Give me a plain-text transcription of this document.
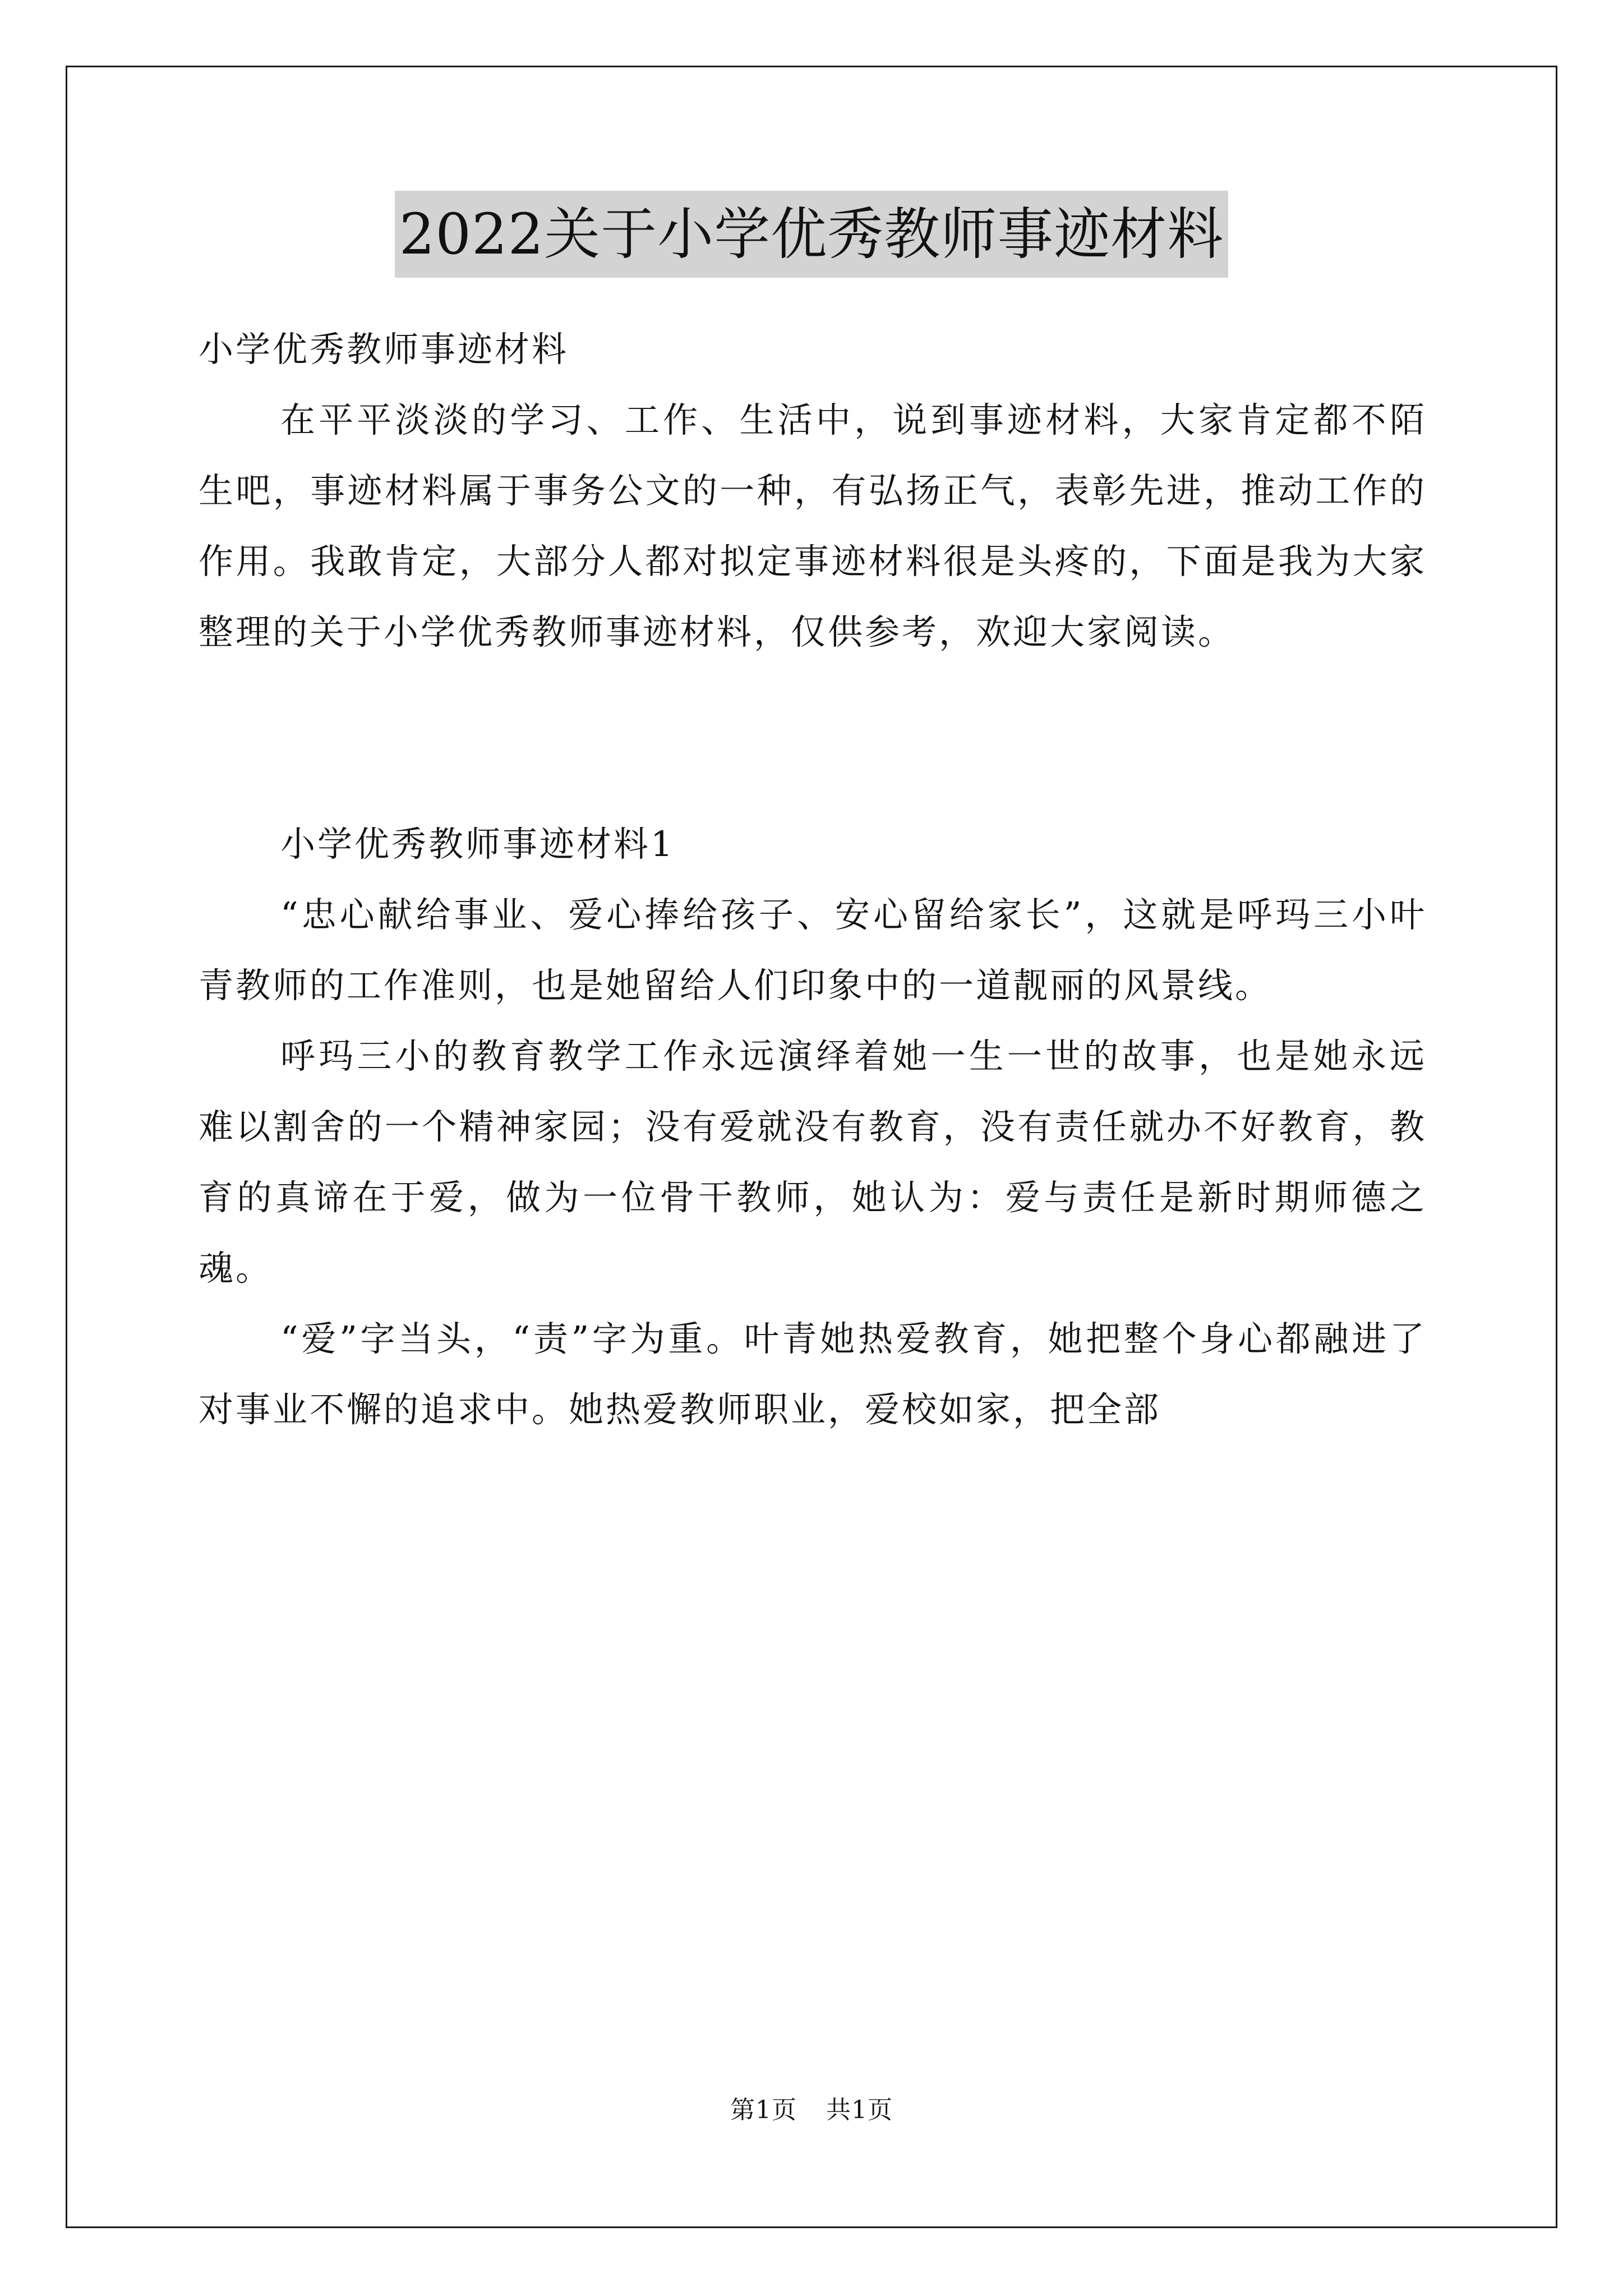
2022关于小学优秀教师事迹材料

小学优秀教师事迹材料

在平平淡淡的学习、工作、生活中，说到事迹材料，大家肯定都不陌生吧，事迹材料属于事务公文的一种，有弘扬正气，表彰先进，推动工作的作用。我敢肯定，大部分人都对拟定事迹材料很是头疼的，下面是我为大家整理的关于小学优秀教师事迹材料，仅供参考，欢迎大家阅读。

小学优秀教师事迹材料1

“忠心献给事业、爱心捧给孩子、安心留给家长”，这就是呼玛三小叶青教师的工作准则，也是她留给人们印象中的一道靓丽的风景线。

呼玛三小的教育教学工作永远演绎着她一生一世的故事，也是她永远难以割舍的一个精神家园；没有爱就没有教育，没有责任就办不好教育，教育的真谛在于爱，做为一位骨干教师，她认为：爱与责任是新时期师德之魂。

“爱”字当头，“责”字为重。叶青她热爱教育，她把整个身心都融进了对事业不懈的追求中。她热爱教师职业，爱校如家，把全部

第1页 共1页
